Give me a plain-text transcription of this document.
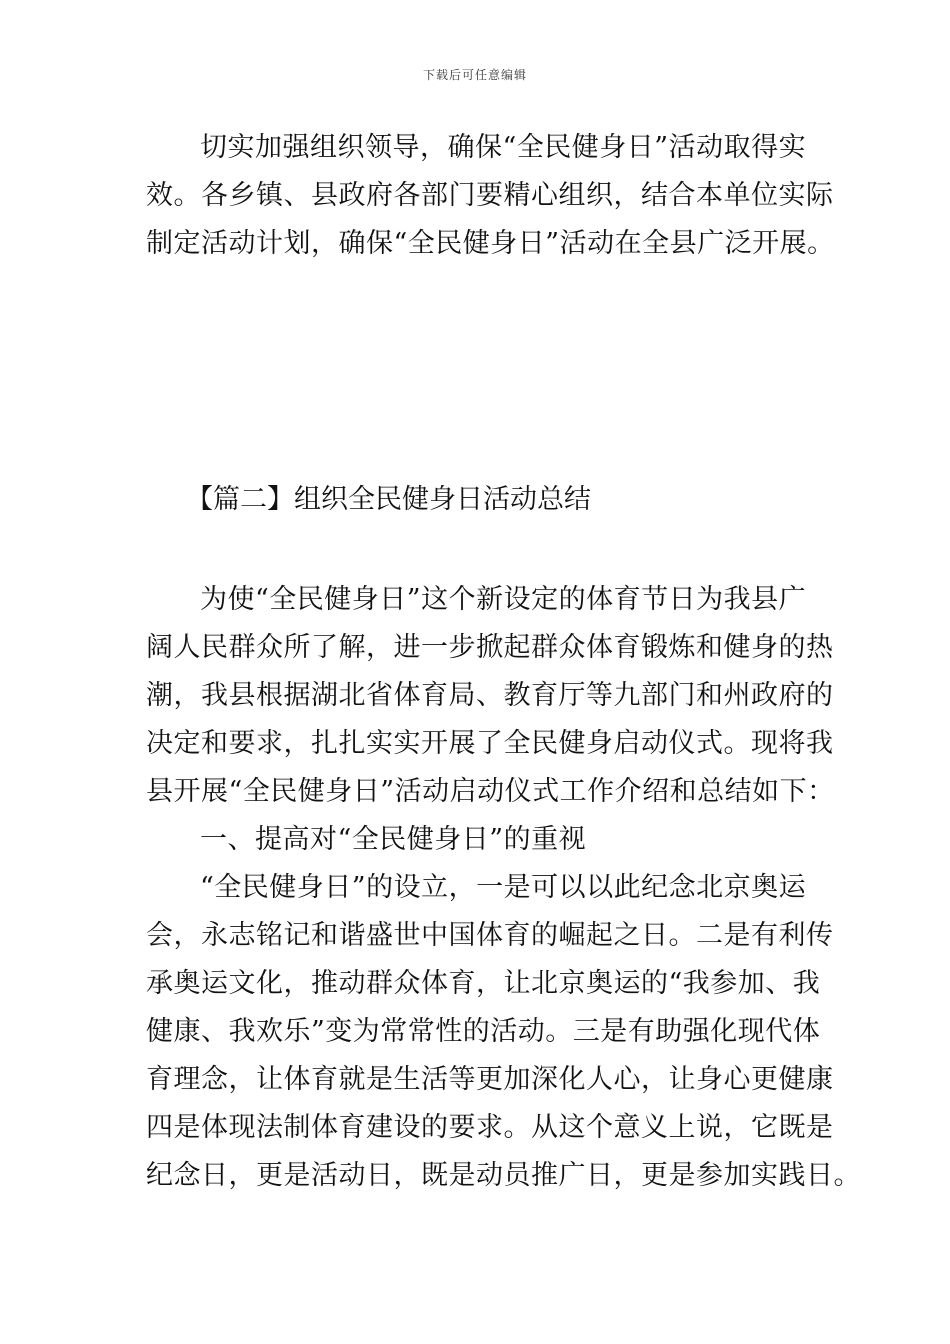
下载后可任意编辑
切实加强组织领导，确保“全民健身日”活动取得实
效。各乡镇、县政府各部门要精心组织，结合本单位实际
制定活动计划，确保“全民健身日”活动在全县广泛开展。
【篇二】组织全民健身日活动总结
为使“全民健身日”这个新设定的体育节日为我县广
阔人民群众所了解，进一步掀起群众体育锻炼和健身的热
潮，我县根据湖北省体育局、教育厅等九部门和州政府的
决定和要求，扎扎实实开展了全民健身启动仪式。现将我
县开展“全民健身日”活动启动仪式工作介绍和总结如下：
一、提高对“全民健身日”的重视
“全民健身日”的设立，一是可以以此纪念北京奥运
会，永志铭记和谐盛世中国体育的崛起之日。二是有利传
承奥运文化，推动群众体育，让北京奥运的“我参加、我
健康、我欢乐”变为常常性的活动。三是有助强化现代体
育理念，让体育就是生活等更加深化人心，让身心更健康
四是体现法制体育建设的要求。从这个意义上说，它既是
纪念日，更是活动日，既是动员推广日，更是参加实践日。
